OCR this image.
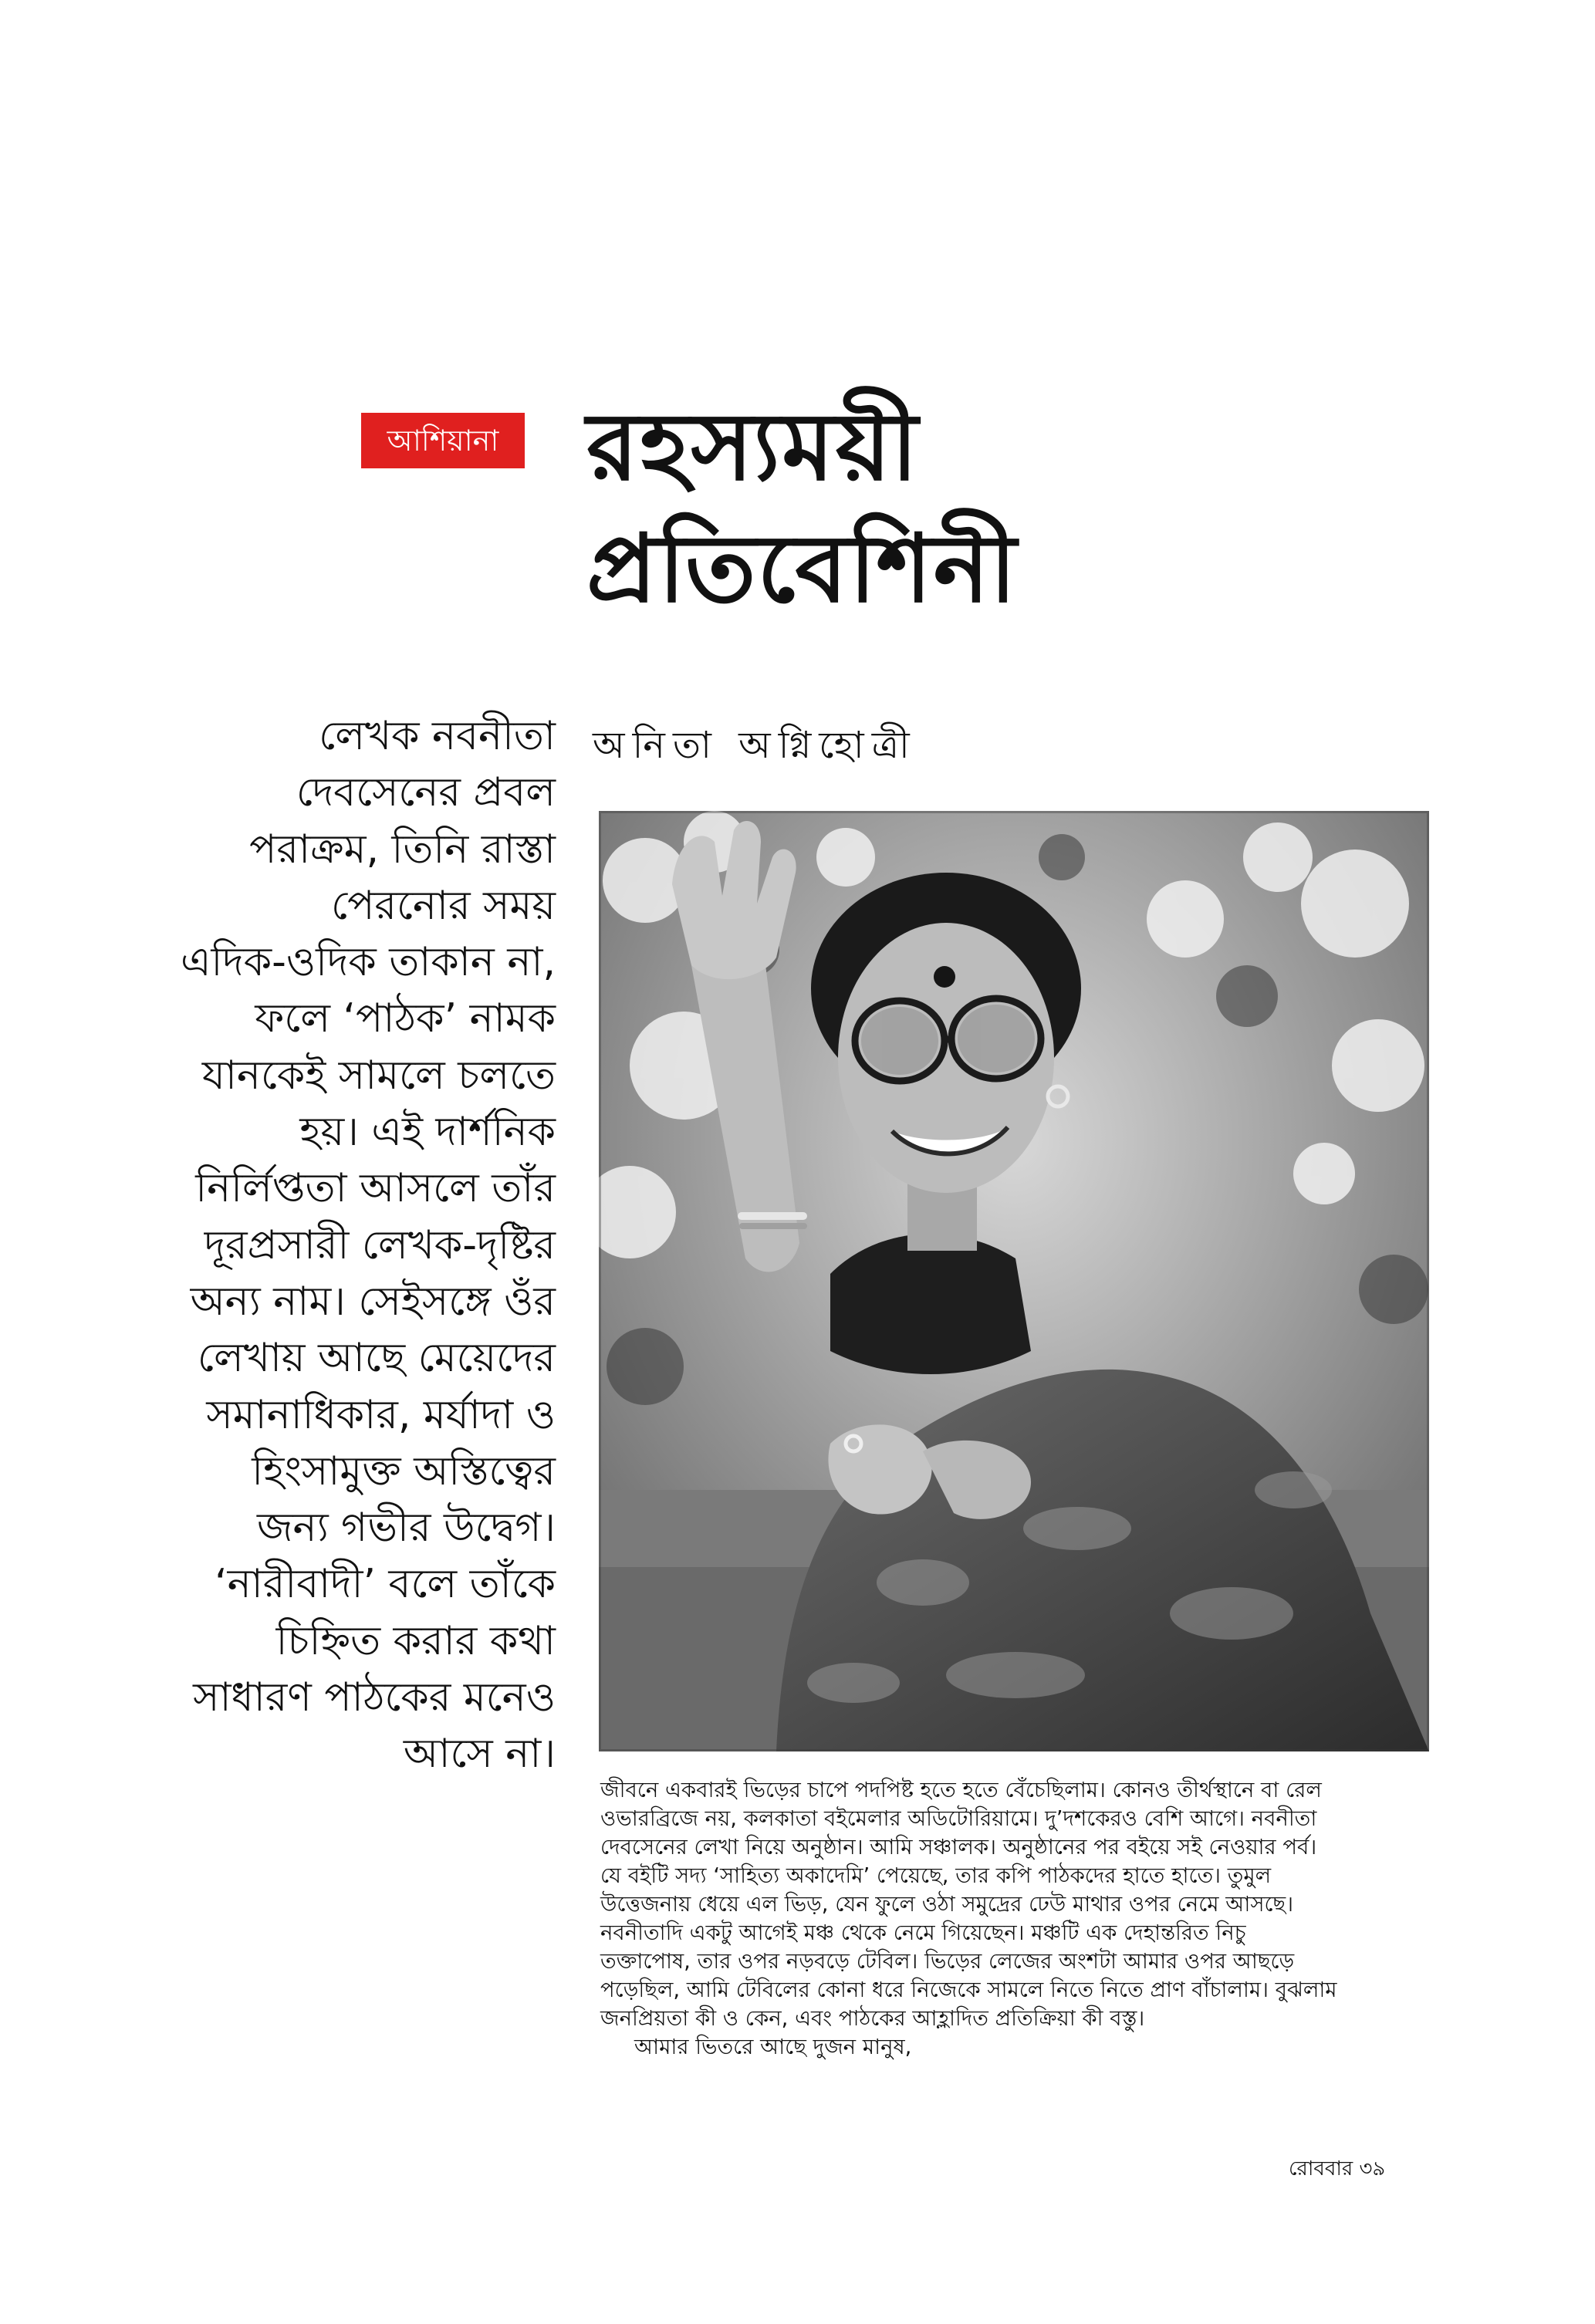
আশিয়ানা রহস্যময়ী
প্রতিবেশিনী
অনিতা অগ্নিহোত্রী
লেখক নবনীতা
দেবসেনের প্রবল
পরাক্রম, তিনি রাস্তা
পেরনোর সময়
এদিক-ওদিক তাকান না,
ফলে ‘পাঠক’ নামক
যানকেই সামলে চলতে
হয়। এই দার্শনিক
নির্লিপ্ততা আসলে তাঁর
দূরপ্রসারী লেখক-দৃষ্টির
অন্য নাম। সেইসঙ্গে ওঁর
লেখায় আছে মেয়েদের
সমানাধিকার, মর্যাদা ও
হিংসামুক্ত অস্তিত্বের
জন্য গভীর উদ্বেগ।
‘নারীবাদী’ বলে তাঁকে
চিহ্নিত করার কথা
সাধারণ পাঠকের মনেও
আসে না।
জীবনে একবারই ভিড়ের চাপে পদপিষ্ট হতে হতে বেঁচেছিলাম। কোনও তীর্থস্থানে বা রেল
ওভারব্রিজে নয়, কলকাতা বইমেলার অডিটোরিয়ামে। দু’দশকেরও বেশি আগে। নবনীতা
দেবসেনের লেখা নিয়ে অনুষ্ঠান। আমি সঞ্চালক। অনুষ্ঠানের পর বইয়ে সই নেওয়ার পর্ব।
যে বইটি সদ্য ‘সাহিত্য অকাদেমি’ পেয়েছে, তার কপি পাঠকদের হাতে হাতে। তুমুল
উত্তেজনায় ধেয়ে এল ভিড়, যেন ফুলে ওঠা সমুদ্রের ঢেউ মাথার ওপর নেমে আসছে।
নবনীতাদি একটু আগেই মঞ্চ থেকে নেমে গিয়েছেন। মঞ্চটি এক দেহান্তরিত নিচু
তক্তাপোষ, তার ওপর নড়বড়ে টেবিল। ভিড়ের লেজের অংশটা আমার ওপর আছড়ে
পড়েছিল, আমি টেবিলের কোনা ধরে নিজেকে সামলে নিতে নিতে প্রাণ বাঁচালাম। বুঝলাম
জনপ্রিয়তা কী ও কেন, এবং পাঠকের আহ্লাদিত প্রতিক্রিয়া কী বস্তু।
আমার ভিতরে আছে দুজন মানুষ,
রোববার ৩৯
